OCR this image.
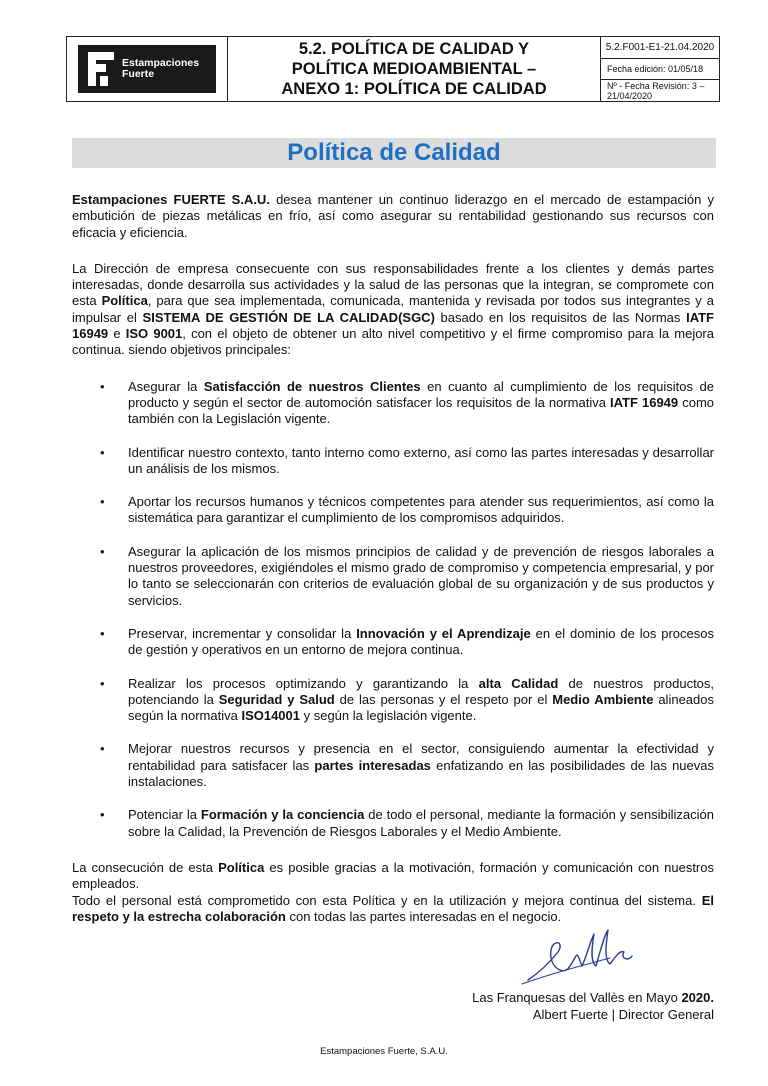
Estampaciones
Fuerte
5.2. POLÍTICA DE CALIDAD Y
POLÍTICA MEDIOAMBIENTAL –
ANEXO 1: POLÍTICA DE CALIDAD
5.2.F001-E1-21.04.2020
Fecha edición: 01/05/18
Nº - Fecha Revisión: 3 – 21/04/2020
Política de Calidad

Estampaciones FUERTE S.A.U. desea mantener un continuo liderazgo en el mercado de estampación y embutición de piezas metálicas en frío, así como asegurar su rentabilidad gestionando sus recursos con eficacia y eficiencia.

La Dirección de empresa consecuente con sus responsabilidades frente a los clientes y demás partes interesadas, donde desarrolla sus actividades y la salud de las personas que la integran, se compromete con esta Política, para que sea implementada, comunicada, mantenida y revisada por todos sus integrantes y a impulsar el SISTEMA DE GESTIÓN DE LA CALIDAD(SGC) basado en los requisitos de las Normas IATF 16949 e ISO 9001, con el objeto de obtener un alto nivel competitivo y el firme compromiso para la mejora continua. siendo objetivos principales:

• Asegurar la Satisfacción de nuestros Clientes en cuanto al cumplimiento de los requisitos de producto y según el sector de automoción satisfacer los requisitos de la normativa IATF 16949 como también con la Legislación vigente.
• Identificar nuestro contexto, tanto interno como externo, así como las partes interesadas y desarrollar un análisis de los mismos.
• Aportar los recursos humanos y técnicos competentes para atender sus requerimientos, así como la sistemática para garantizar el cumplimiento de los compromisos adquiridos.
• Asegurar la aplicación de los mismos principios de calidad y de prevención de riesgos laborales a nuestros proveedores, exigiéndoles el mismo grado de compromiso y competencia empresarial, y por lo tanto se seleccionarán con criterios de evaluación global de su organización y de sus productos y servicios.
• Preservar, incrementar y consolidar la Innovación y el Aprendizaje en el dominio de los procesos de gestión y operativos en un entorno de mejora continua.
• Realizar los procesos optimizando y garantizando la alta Calidad de nuestros productos, potenciando la Seguridad y Salud de las personas y el respeto por el Medio Ambiente alineados según la normativa ISO14001 y según la legislación vigente.
• Mejorar nuestros recursos y presencia en el sector, consiguiendo aumentar la efectividad y rentabilidad para satisfacer las partes interesadas enfatizando en las posibilidades de las nuevas instalaciones.
• Potenciar la Formación y la conciencia de todo el personal, mediante la formación y sensibilización sobre la Calidad, la Prevención de Riesgos Laborales y el Medio Ambiente.

La consecución de esta Política es posible gracias a la motivación, formación y comunicación con nuestros empleados.
Todo el personal está comprometido con esta Política y en la utilización y mejora continua del sistema. El respeto y la estrecha colaboración con todas las partes interesadas en el negocio.

Las Franquesas del Vallès en Mayo 2020.
Albert Fuerte | Director General
Estampaciones Fuerte, S.A.U.
